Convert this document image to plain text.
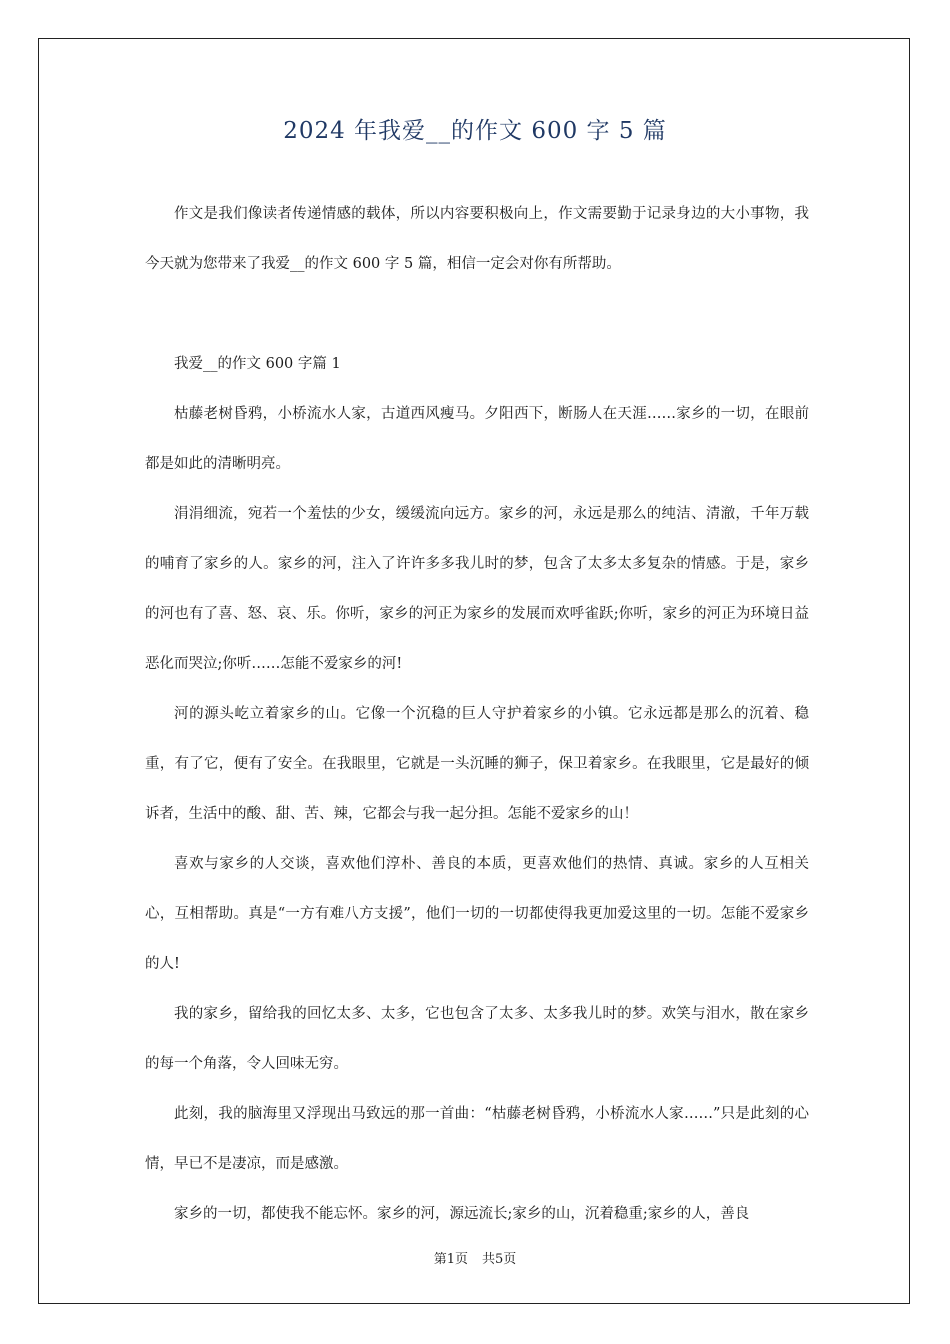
2024 年我爱__的作文 600 字 5 篇

作文是我们像读者传递情感的载体，所以内容要积极向上，作文需要勤于记录身边的大小事物，我今天就为您带来了我爱__的作文 600 字 5 篇，相信一定会对你有所帮助。

我爱__的作文 600 字篇 1

枯藤老树昏鸦，小桥流水人家，古道西风瘦马。夕阳西下，断肠人在天涯……家乡的一切，在眼前都是如此的清晰明亮。

涓涓细流，宛若一个羞怯的少女，缓缓流向远方。家乡的河，永远是那么的纯洁、清澈，千年万载的哺育了家乡的人。家乡的河，注入了许许多多我儿时的梦，包含了太多太多复杂的情感。于是，家乡的河也有了喜、怒、哀、乐。你听，家乡的河正为家乡的发展而欢呼雀跃;你听，家乡的河正为环境日益恶化而哭泣;你听……怎能不爱家乡的河!

河的源头屹立着家乡的山。它像一个沉稳的巨人守护着家乡的小镇。它永远都是那么的沉着、稳重，有了它，便有了安全。在我眼里，它就是一头沉睡的狮子，保卫着家乡。在我眼里，它是最好的倾诉者，生活中的酸、甜、苦、辣，它都会与我一起分担。怎能不爱家乡的山！

喜欢与家乡的人交谈，喜欢他们淳朴、善良的本质，更喜欢他们的热情、真诚。家乡的人互相关心，互相帮助。真是“一方有难八方支援”，他们一切的一切都使得我更加爱这里的一切。怎能不爱家乡的人!

我的家乡，留给我的回忆太多、太多，它也包含了太多、太多我儿时的梦。欢笑与泪水，散在家乡的每一个角落，令人回味无穷。

此刻，我的脑海里又浮现出马致远的那一首曲：“枯藤老树昏鸦，小桥流水人家……”只是此刻的心情，早已不是凄凉，而是感激。

家乡的一切，都使我不能忘怀。家乡的河，源远流长;家乡的山，沉着稳重;家乡的人，善良

第1页 共5页
